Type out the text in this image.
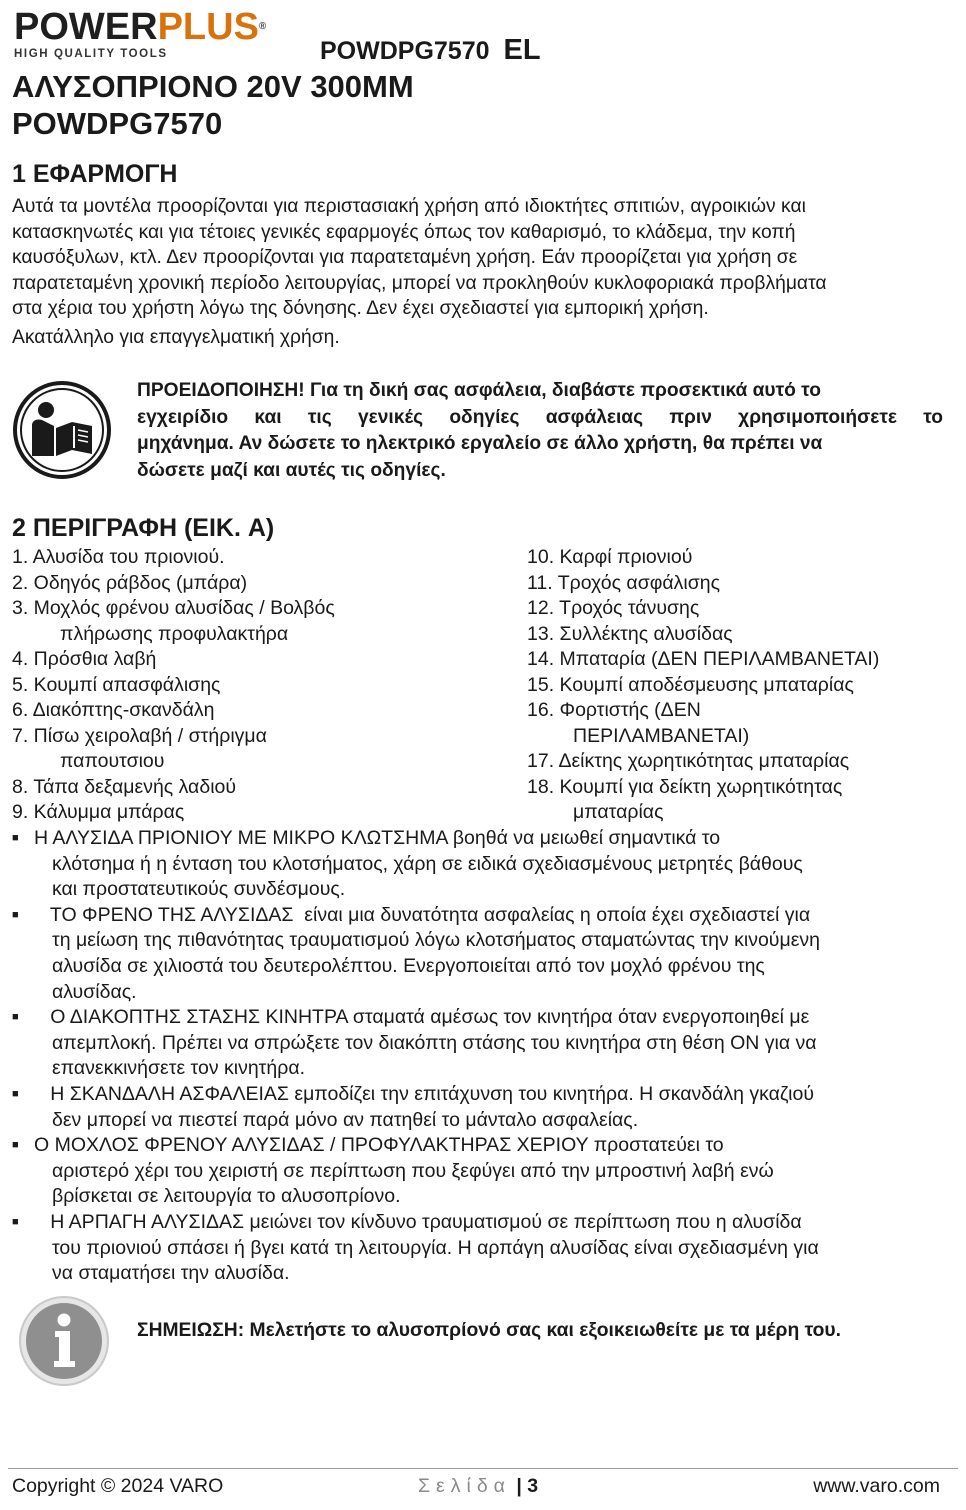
POWERPLUS®
HIGH QUALITY TOOLS	POWDPG7570 EL
ΑΛΥΣΟΠΡΙΟΝΟ 20V 300MM
POWDPG7570
1 ΕΦΑΡΜΟΓΗ

Αυτά τα μοντέλα προορίζονται για περιστασιακή χρήση από ιδιοκτήτες σπιτιών, αγροικιών και

κατασκηνωτές και για τέτοιες γενικές εφαρμογές όπως τον καθαρισμό, το κλάδεμα, την κοπή

καυσόξυλων, κτλ. Δεν προορίζονται για παρατεταμένη χρήση. Εάν προορίζεται για χρήση σε

παρατεταμένη χρονική περίοδο λειτουργίας, μπορεί να προκληθούν κυκλοφοριακά προβλήματα

στα χέρια του χρήστη λόγω της δόνησης. Δεν έχει σχεδιαστεί για εμπορική χρήση.

Ακατάλληλο για επαγγελματική χρήση.

ΠΡΟΕΙΔΟΠΟΙΗΣΗ! Για τη δική σας ασφάλεια, διαβάστε προσεκτικά αυτό το

εγχειρίδιο και τις γενικές οδηγίες ασφάλειας πριν χρησιμοποιήσετε το

μηχάνημα. Αν δώσετε το ηλεκτρικό εργαλείο σε άλλο χρήστη, θα πρέπει να

δώσετε μαζί και αυτές τις οδηγίες.

2 ΠΕΡΙΓΡΑΦΗ (ΕΙΚ. A)
1. Αλυσίδα του πριονιού.
2. Οδηγός ράβδος (μπάρα)
3. Μοχλός φρένου αλυσίδας / Βολβός
πλήρωσης προφυλακτήρα
4. Πρόσθια λαβή
5. Κουμπί απασφάλισης
6. Διακόπτης-σκανδάλη
7. Πίσω χειρολαβή / στήριγμα
παπουτσιου
8. Τάπα δεξαμενής λαδιού
9. Κάλυμμα μπάρας
10. Καρφί πριονιού
11. Τροχός ασφάλισης
12. Τροχός τάνυσης
13. Συλλέκτης αλυσίδας
14. Μπαταρία (ΔΕΝ ΠΕΡΙΛΑΜΒΑΝΕΤΑΙ)
15. Κουμπί αποδέσμευσης μπαταρίας
16. Φορτιστής (ΔΕΝ
ΠΕΡΙΛΑΜΒΑΝΕΤΑΙ)
17. Δείκτης χωρητικότητας μπαταρίας
18. Κουμπί για δείκτη χωρητικότητας
μπαταρίας

■ Η ΑΛΥΣΙΔΑ ΠΡΙΟΝΙΟΥ ΜΕ ΜΙΚΡΟ ΚΛΩΤΣΗΜΑ βοηθά να μειωθεί σημαντικά το

κλότσημα ή η ένταση του κλοτσήματος, χάρη σε ειδικά σχεδιασμένους μετρητές βάθους

και προστατευτικούς συνδέσμους.

■   ΤΟ ΦΡΕΝΟ ΤΗΣ ΑΛΥΣΙΔΑΣ  είναι μια δυνατότητα ασφαλείας η οποία έχει σχεδιαστεί για

τη μείωση της πιθανότητας τραυματισμού λόγω κλοτσήματος σταματώντας την κινούμενη

αλυσίδα σε χιλιοστά του δευτερολέπτου. Ενεργοποιείται από τον μοχλό φρένου της

αλυσίδας.

■   Ο ΔΙΑΚΟΠΤΗΣ ΣΤΑΣΗΣ ΚΙΝΗΤΡΑ σταματά αμέσως τον κινητήρα όταν ενεργοποιηθεί με

απεμπλοκή. Πρέπει να σπρώξετε τον διακόπτη στάσης του κινητήρα στη θέση ON για να

επανεκκινήσετε τον κινητήρα.

■   Η ΣΚΑΝΔΑΛΗ ΑΣΦΑΛΕΙΑΣ εμποδίζει την επιτάχυνση του κινητήρα. Η σκανδάλη γκαζιού

δεν μπορεί να πιεστεί παρά μόνο αν πατηθεί το μάνταλο ασφαλείας.

■ Ο ΜΟΧΛΟΣ ΦΡΕΝΟΥ ΑΛΥΣΙΔΑΣ / ΠΡΟΦΥΛΑΚΤΗΡΑΣ ΧΕΡΙΟΥ προστατεύει το

αριστερό χέρι του χειριστή σε περίπτωση που ξεφύγει από την μπροστινή λαβή ενώ

βρίσκεται σε λειτουργία το αλυσοπρίονο.

■   Η ΑΡΠΑΓΗ ΑΛΥΣΙΔΑΣ μειώνει τον κίνδυνο τραυματισμού σε περίπτωση που η αλυσίδα

του πριονιού σπάσει ή βγει κατά τη λειτουργία. Η αρπάγη αλυσίδας είναι σχεδιασμένη για

να σταματήσει την αλυσίδα.

ΣΗΜΕΙΩΣΗ: Μελετήστε το αλυσοπρίονό σας και εξοικειωθείτε με τα μέρη του.
Copyright © 2024 VARO	Σελίδα | 3	www.varo.com
